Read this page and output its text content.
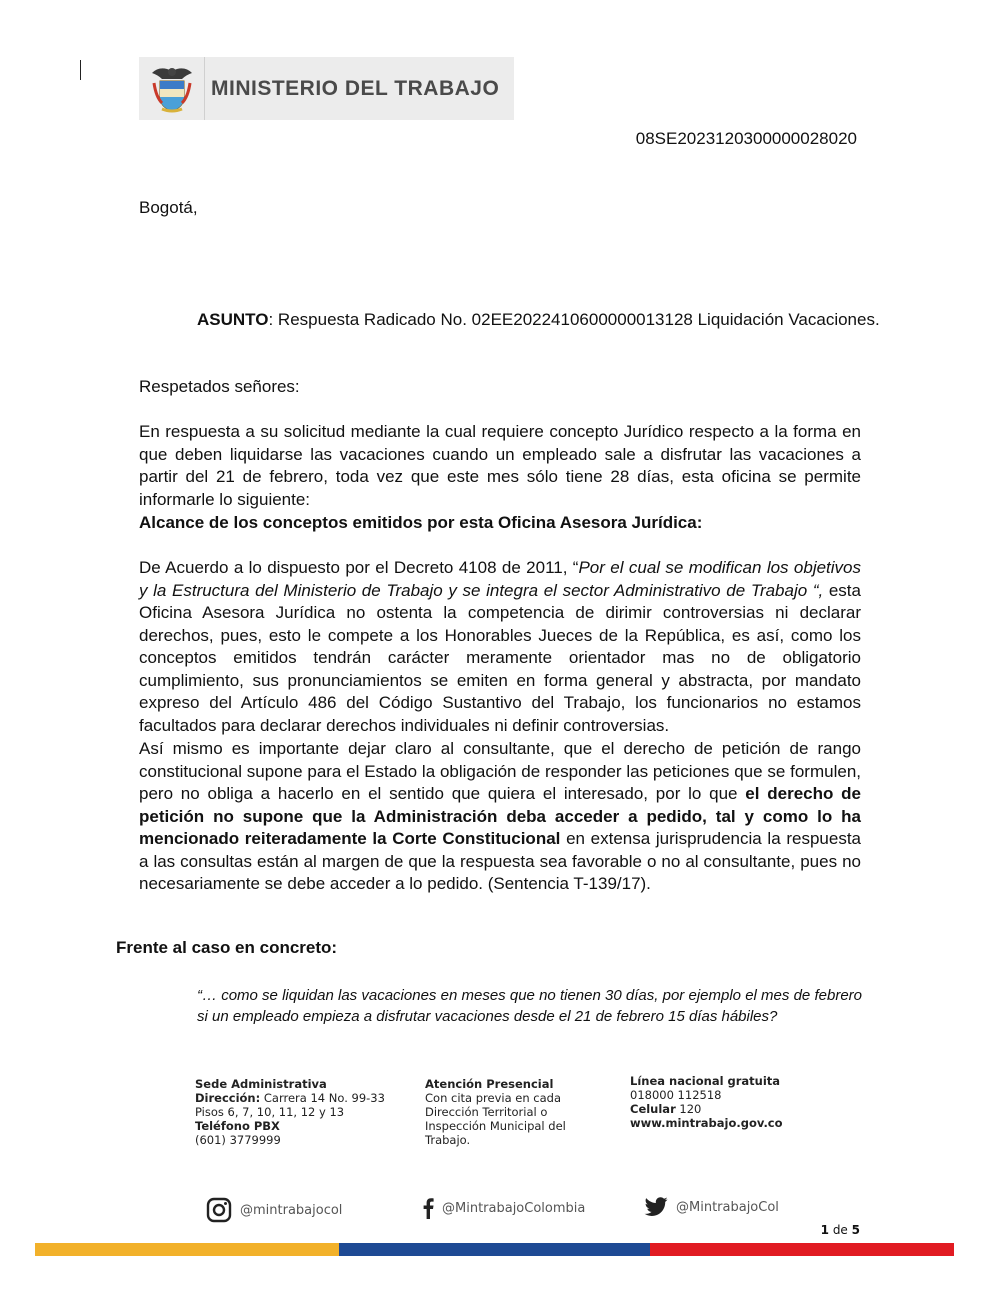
MINISTERIO DEL TRABAJO
08SE2023120300000028020
Bogotá,
ASUNTO: Respuesta Radicado No. 02EE2022410600000013128 Liquidación Vacaciones.
Respetados señores:
En respuesta a su solicitud mediante la cual requiere concepto Jurídico respecto a la forma en que deben liquidarse las vacaciones cuando un empleado sale a disfrutar las vacaciones a partir del 21 de febrero, toda vez que este mes sólo tiene 28 días, esta oficina se permite informarle lo siguiente:
Alcance de los conceptos emitidos por esta Oficina Asesora Jurídica:
De Acuerdo a lo dispuesto por el Decreto 4108 de 2011, “Por el cual se modifican los objetivos y la Estructura del Ministerio de Trabajo y se integra el sector Administrativo de Trabajo “, esta Oficina Asesora Jurídica no ostenta la competencia de dirimir controversias ni declarar derechos, pues, esto le compete a los Honorables Jueces de la República, es así, como los conceptos emitidos tendrán carácter meramente orientador mas no de obligatorio cumplimiento, sus pronunciamientos se emiten en forma general y abstracta, por mandato expreso del Artículo 486 del Código Sustantivo del Trabajo, los funcionarios no estamos facultados para declarar derechos individuales ni definir controversias.
Así mismo es importante dejar claro al consultante, que el derecho de petición de rango constitucional supone para el Estado la obligación de responder las peticiones que se formulen, pero no obliga a hacerlo en el sentido que quiera el interesado, por lo que el derecho de petición no supone que la Administración deba acceder a pedido, tal y como lo ha mencionado reiteradamente la Corte Constitucional en extensa jurisprudencia la respuesta a las consultas están al margen de que la respuesta sea favorable o no al consultante, pues no necesariamente se debe acceder a lo pedido. (Sentencia T-139/17).
Frente al caso en concreto:
“… como se liquidan las vacaciones en meses que no tienen 30 días, por ejemplo el mes de febrero si un empleado empieza a disfrutar vacaciones desde el 21 de febrero 15 días hábiles?
Sede Administrativa
Dirección: Carrera 14 No. 99-33
Pisos 6, 7, 10, 11, 12 y 13
Teléfono PBX
(601) 3779999
Atención Presencial
Con cita previa en cada
Dirección Territorial o
Inspección Municipal del
Trabajo.
Línea nacional gratuita
018000 112518
Celular 120
www.mintrabajo.gov.co
@mintrabajocol	@MintrabajoColombia	@MintrabajoCol
1 de 5
